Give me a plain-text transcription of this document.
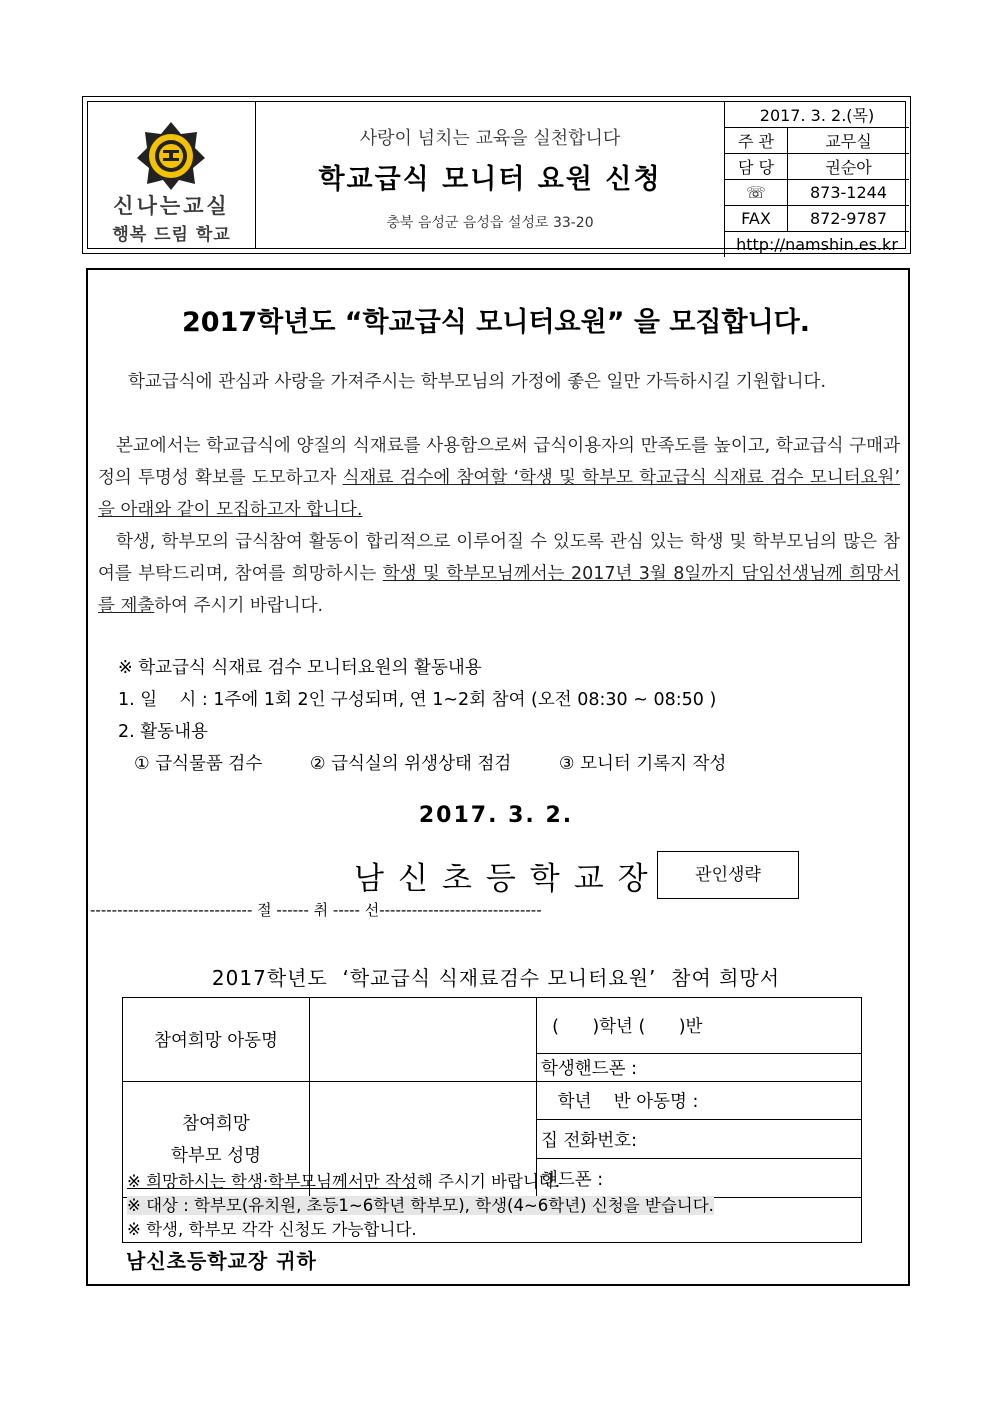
신나는교실
행복 드림 학교
사랑이 넘치는 교육을 실천합니다
학교급식 모니터 요원 신청
충북 음성군 음성읍 설성로 33-20
2017. 3. 2.(목)	
주 관	교무실
담 당	권순아
☏	873-1244
FAX	872-9787
http://namshin.es.kr	
2017학년도 “학교급식 모니터요원” 을 모집합니다.
학교급식에 관심과 사랑을 가져주시는 학부모님의 가정에 좋은 일만 가득하시길 기원합니다.
본교에서는 학교급식에 양질의 식재료를 사용함으로써 급식이용자의 만족도를 높이고, 학교급식 구매과정의 투명성 확보를 도모하고자 식재료 검수에 참여할 ‘학생 및 학부모 학교급식 식재료 검수 모니터요원’ 을 아래와 같이 모집하고자 합니다.
학생, 학부모의 급식참여 활동이 합리적으로 이루어질 수 있도록 관심 있는 학생 및 학부모님의 많은 참여를 부탁드리며, 참여를 희망하시는 학생 및 학부모님께서는 2017년 3월 8일까지 담임선생님께 희망서를 제출하여 주시기 바랍니다.
※ 학교급식 식재료 검수 모니터요원의 활동내용
1. 일    시 : 1주에 1회 2인 구성되며, 연 1~2회 참여 (오전 08:30 ~ 08:50 )
2. 활동내용
① 급식물품 검수	② 급식실의 위생상태 점검	③ 모니터 기록지 작성
2017. 3. 2.
남신초등학교장	관인생략
------------------------------ 절 ------ 취 ----- 선------------------------------
2017학년도  ‘학교급식 식재료검수 모니터요원’  참여 희망서
참여희망 아동명		(      )학년 (      )반
		학생핸드폰 :

참여희망
학부모 성명		학년    반 아동명 :
		집 전화번호:
		핸드폰 :
※ 희망하시는 학생·학부모님께서만 작성해 주시기 바랍니다.
※ 대상 : 학부모(유치원, 초등1~6학년 학부모), 학생(4~6학년) 신청을 받습니다.
※ 학생, 학부모 각각 신청도 가능합니다.
남신초등학교장 귀하
